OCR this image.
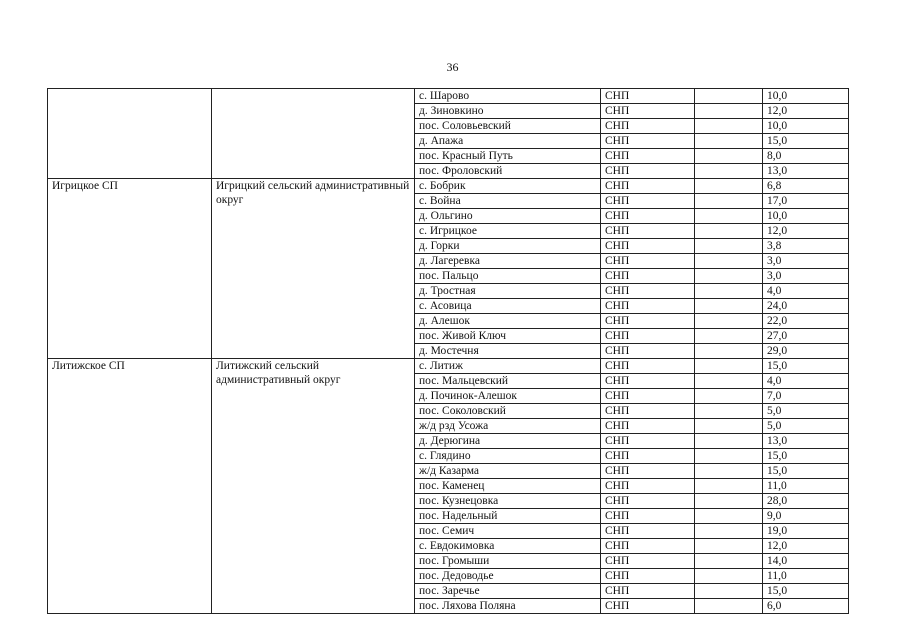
36
		с. Шарово	СНП		10,0
		д. Зиновкино	СНП		12,0
		пос. Соловьевский	СНП		10,0
		д. Апажа	СНП		15,0
		пос. Красный Путь	СНП		8,0
		пос. Фроловский	СНП		13,0
Игрицкое СП	Игрицкий сельский административный округ	с. Бобрик	СНП		6,8
		с. Война	СНП		17,0
		д. Ольгино	СНП		10,0
		с. Игрицкое	СНП		12,0
		д. Горки	СНП		3,8
		д. Лагеревка	СНП		3,0
		пос. Пальцо	СНП		3,0
		д. Тростная	СНП		4,0
		с. Асовица	СНП		24,0
		д. Алешок	СНП		22,0
		пос. Живой Ключ	СНП		27,0
		д. Мостечня	СНП		29,0
Литижское СП	Литижский сельский административный округ	с. Литиж	СНП		15,0
		пос. Мальцевский	СНП		4,0
		д. Починок-Алешок	СНП		7,0
		пос. Соколовский	СНП		5,0
		ж/д рзд Усожа	СНП		5,0
		д. Дерюгина	СНП		13,0
		с. Глядино	СНП		15,0
		ж/д Казарма	СНП		15,0
		пос. Каменец	СНП		11,0
		пос. Кузнецовка	СНП		28,0
		пос. Надельный	СНП		9,0
		пос. Семич	СНП		19,0
		с. Евдокимовка	СНП		12,0
		пос. Громыши	СНП		14,0
		пос. Дедоводье	СНП		11,0
		пос. Заречье	СНП		15,0
		пос. Ляхова Поляна	СНП		6,0
